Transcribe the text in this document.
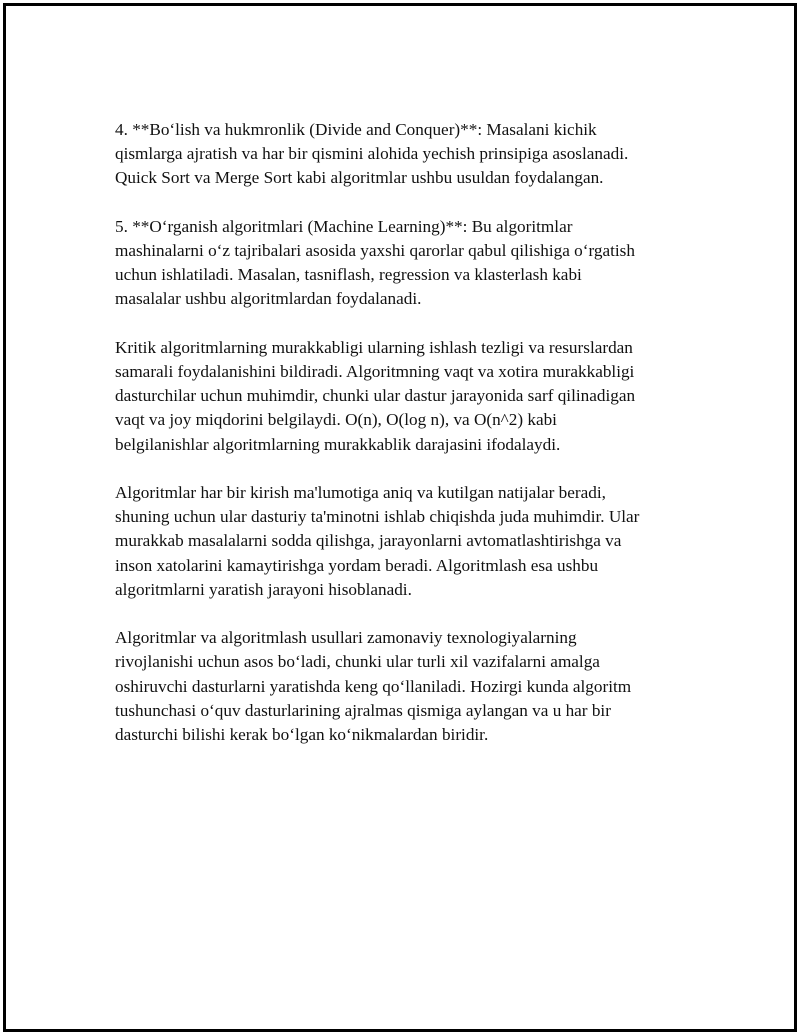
4. **Bo‘lish va hukmronlik (Divide and Conquer)**: Masalani kichik
qismlarga ajratish va har bir qismini alohida yechish prinsipiga asoslanadi.
Quick Sort va Merge Sort kabi algoritmlar ushbu usuldan foydalangan.

5. **O‘rganish algoritmlari (Machine Learning)**: Bu algoritmlar
mashinalarni o‘z tajribalari asosida yaxshi qarorlar qabul qilishiga o‘rgatish
uchun ishlatiladi. Masalan, tasniflash, regression va klasterlash kabi
masalalar ushbu algoritmlardan foydalanadi.

Kritik algoritmlarning murakkabligi ularning ishlash tezligi va resurslardan
samarali foydalanishini bildiradi. Algoritmning vaqt va xotira murakkabligi
dasturchilar uchun muhimdir, chunki ular dastur jarayonida sarf qilinadigan
vaqt va joy miqdorini belgilaydi. O(n), O(log n), va O(n^2) kabi
belgilanishlar algoritmlarning murakkablik darajasini ifodalaydi.

Algoritmlar har bir kirish ma'lumotiga aniq va kutilgan natijalar beradi,
shuning uchun ular dasturiy ta'minotni ishlab chiqishda juda muhimdir. Ular
murakkab masalalarni sodda qilishga, jarayonlarni avtomatlashtirishga va
inson xatolarini kamaytirishga yordam beradi. Algoritmlash esa ushbu
algoritmlarni yaratish jarayoni hisoblanadi.

Algoritmlar va algoritmlash usullari zamonaviy texnologiyalarning
rivojlanishi uchun asos bo‘ladi, chunki ular turli xil vazifalarni amalga
oshiruvchi dasturlarni yaratishda keng qo‘llaniladi. Hozirgi kunda algoritm
tushunchasi o‘quv dasturlarining ajralmas qismiga aylangan va u har bir
dasturchi bilishi kerak bo‘lgan ko‘nikmalardan biridir.
